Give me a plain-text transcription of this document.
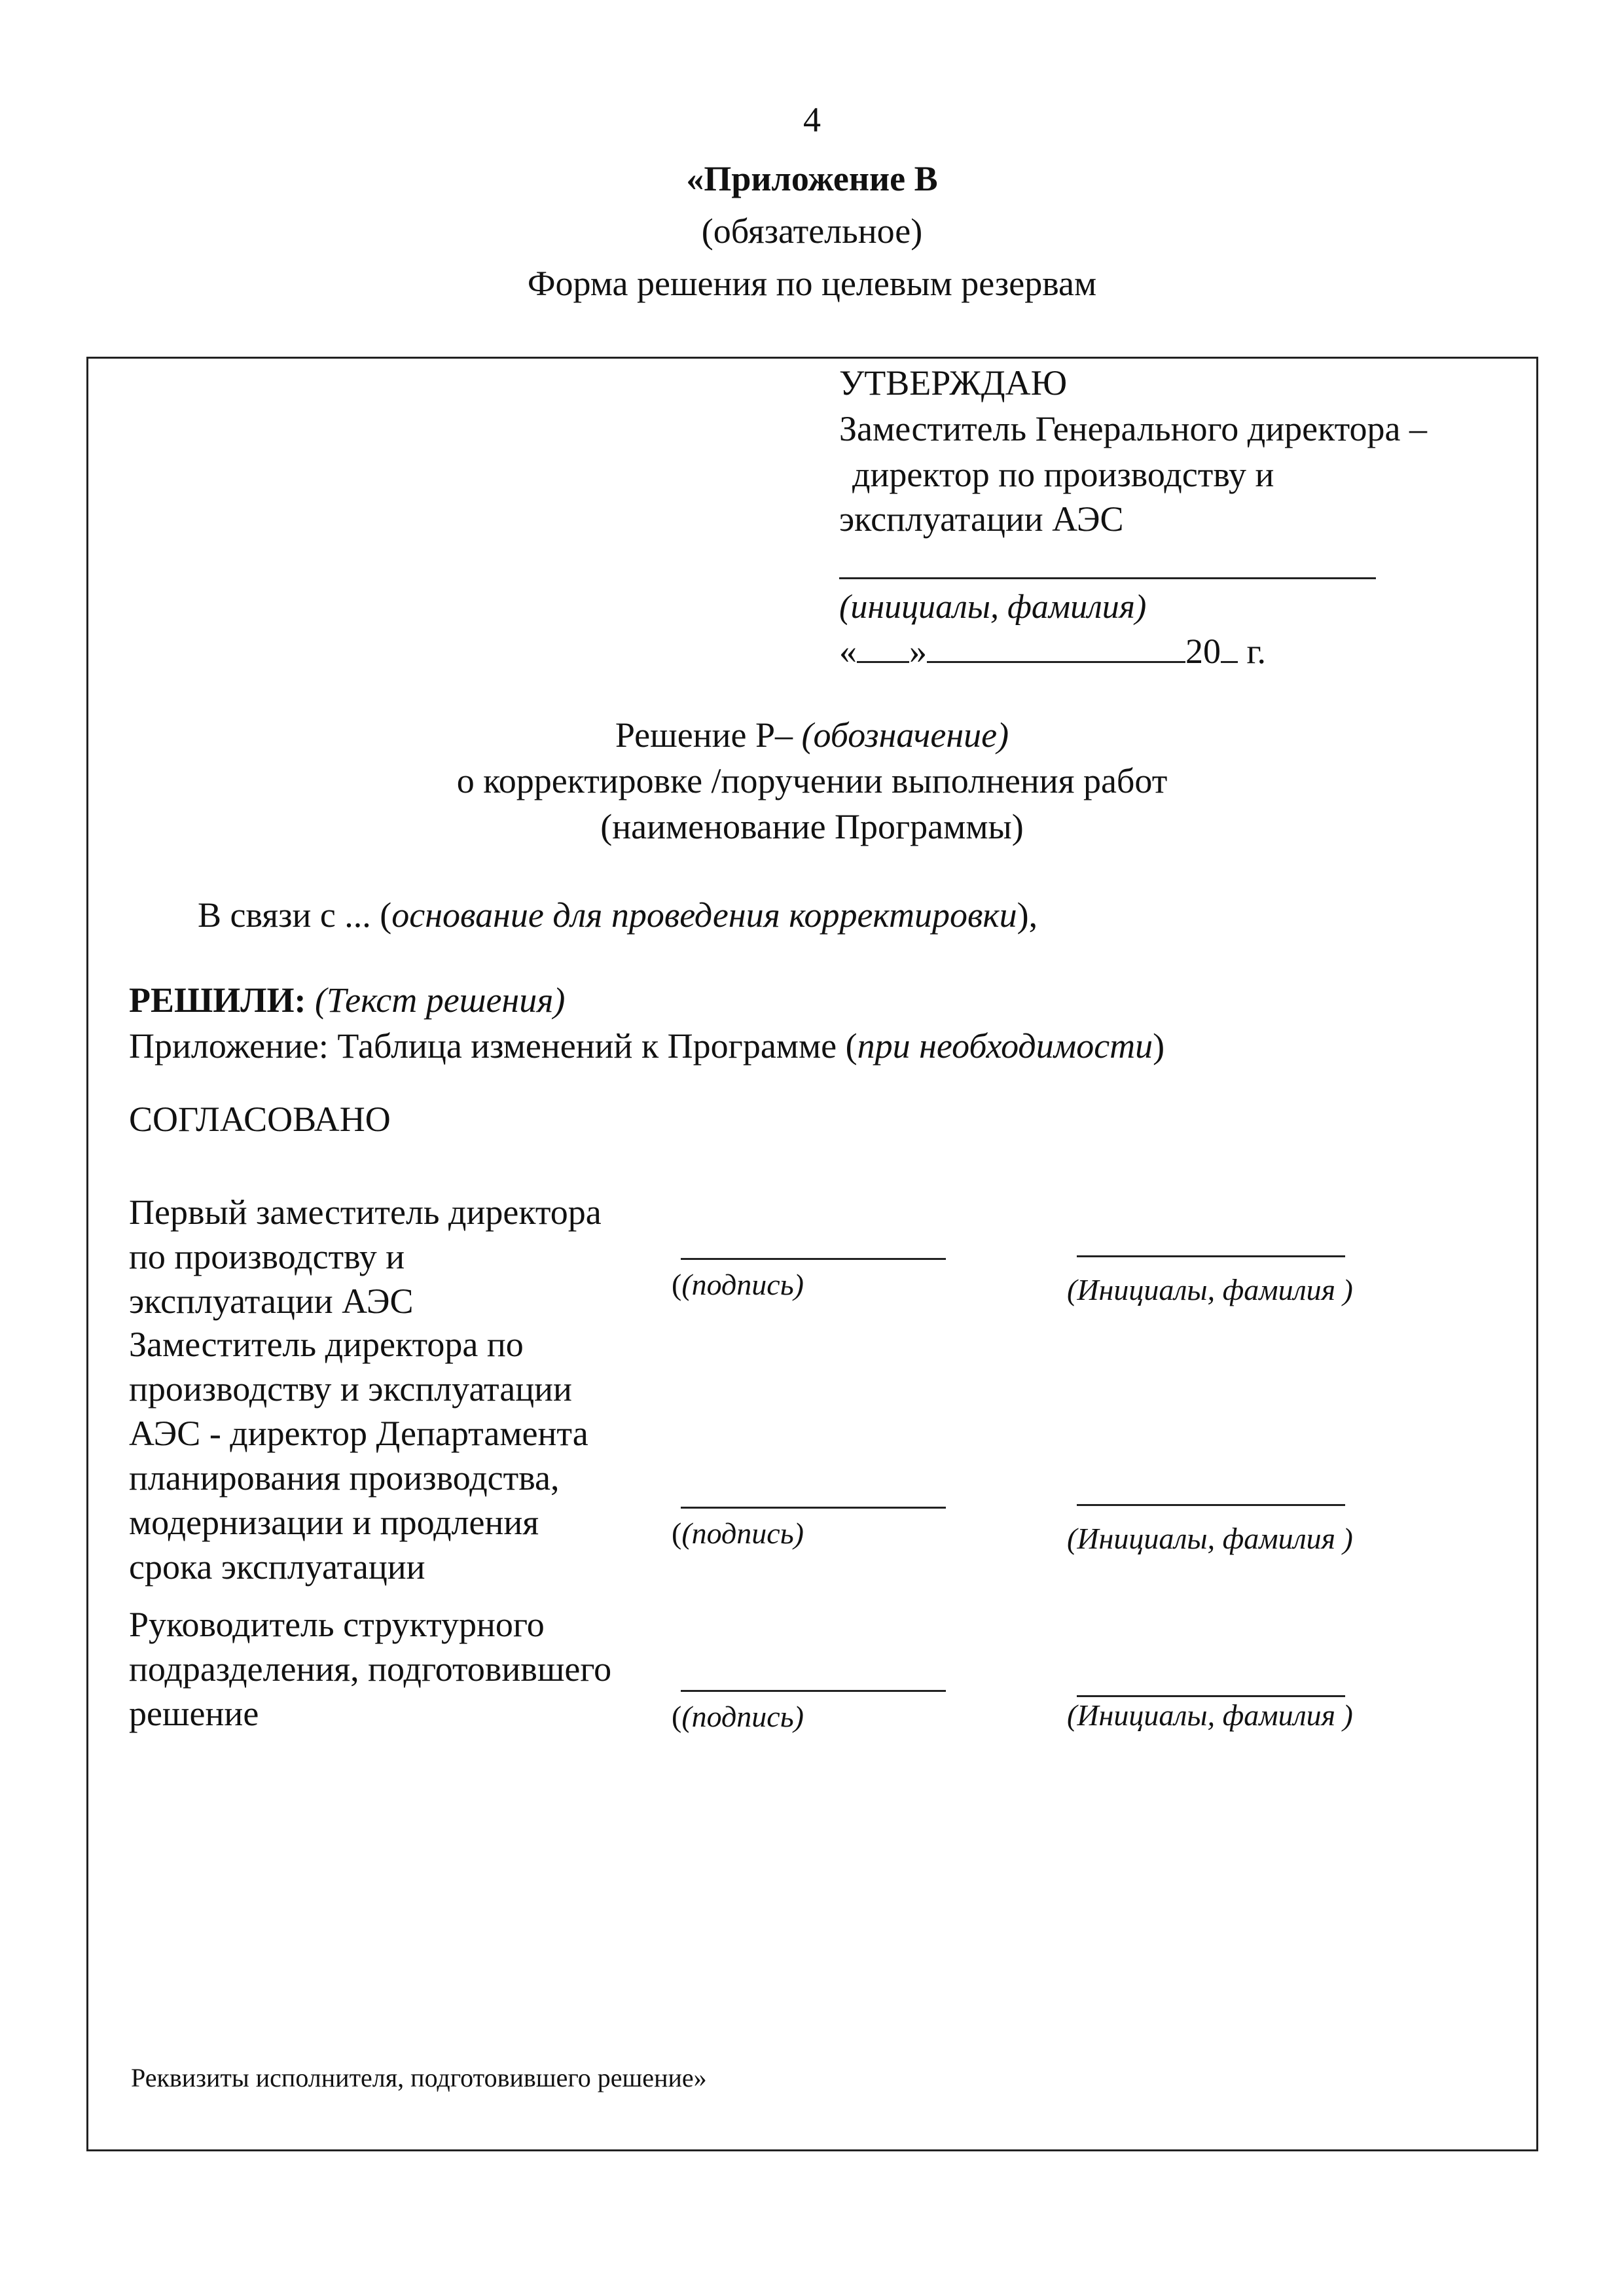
4
«Приложение В
(обязательное)
Форма решения по целевым резервам
УТВЕРЖДАЮ
Заместитель Генерального директора –
директор по производству и
эксплуатации АЭС
(инициалы, фамилия)
« »	20 г.
Решение Р– (обозначение)
о корректировке /поручении выполнения работ
(наименование Программы)
В связи с ... (основание для проведения корректировки),
РЕШИЛИ: (Текст решения)
Приложение: Таблица изменений к Программе (при необходимости)
СОГЛАСОВАНО
Первый заместитель директора
по производству и
эксплуатации АЭС	((подпись)	(Инициалы, фамилия )
Заместитель директора по
производству и эксплуатации
АЭС - директор Департамента
планирования производства,
модернизации и продления
срока эксплуатации
((подпись)	(Инициалы, фамилия )
Руководитель структурного
подразделения, подготовившего
решение	((подпись)	(Инициалы, фамилия )
Реквизиты исполнителя, подготовившего решение»
